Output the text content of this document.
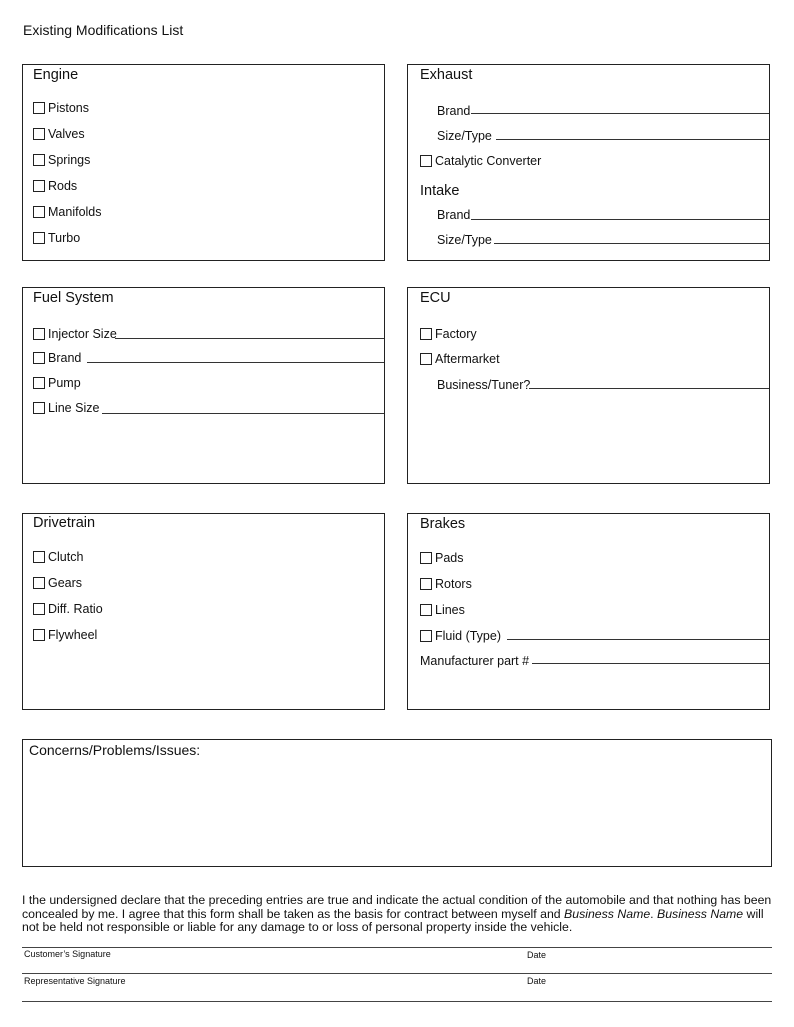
Existing Modifications List
Engine
Pistons
Valves
Springs
Rods
Manifolds
Turbo
Exhaust
Brand
Size/Type
Catalytic Converter
Intake
Brand
Size/Type
Fuel System
Injector Size
Brand
Pump
Line Size
ECU
Factory
Aftermarket
Business/Tuner?
Drivetrain
Clutch
Gears
Diff. Ratio
Flywheel
Brakes
Pads
Rotors
Lines
Fluid (Type)
Manufacturer part #
Concerns/Problems/Issues:
I the undersigned declare that the preceding entries are true and indicate the actual condition of the automobile and that nothing has been concealed by me. I agree that this form shall be taken as the basis for contract between myself and Business Name. Business Name will not be held not responsible or liable for any damage to or loss of personal property inside the vehicle.
Customer’s Signature	Date
Representative Signature	Date
